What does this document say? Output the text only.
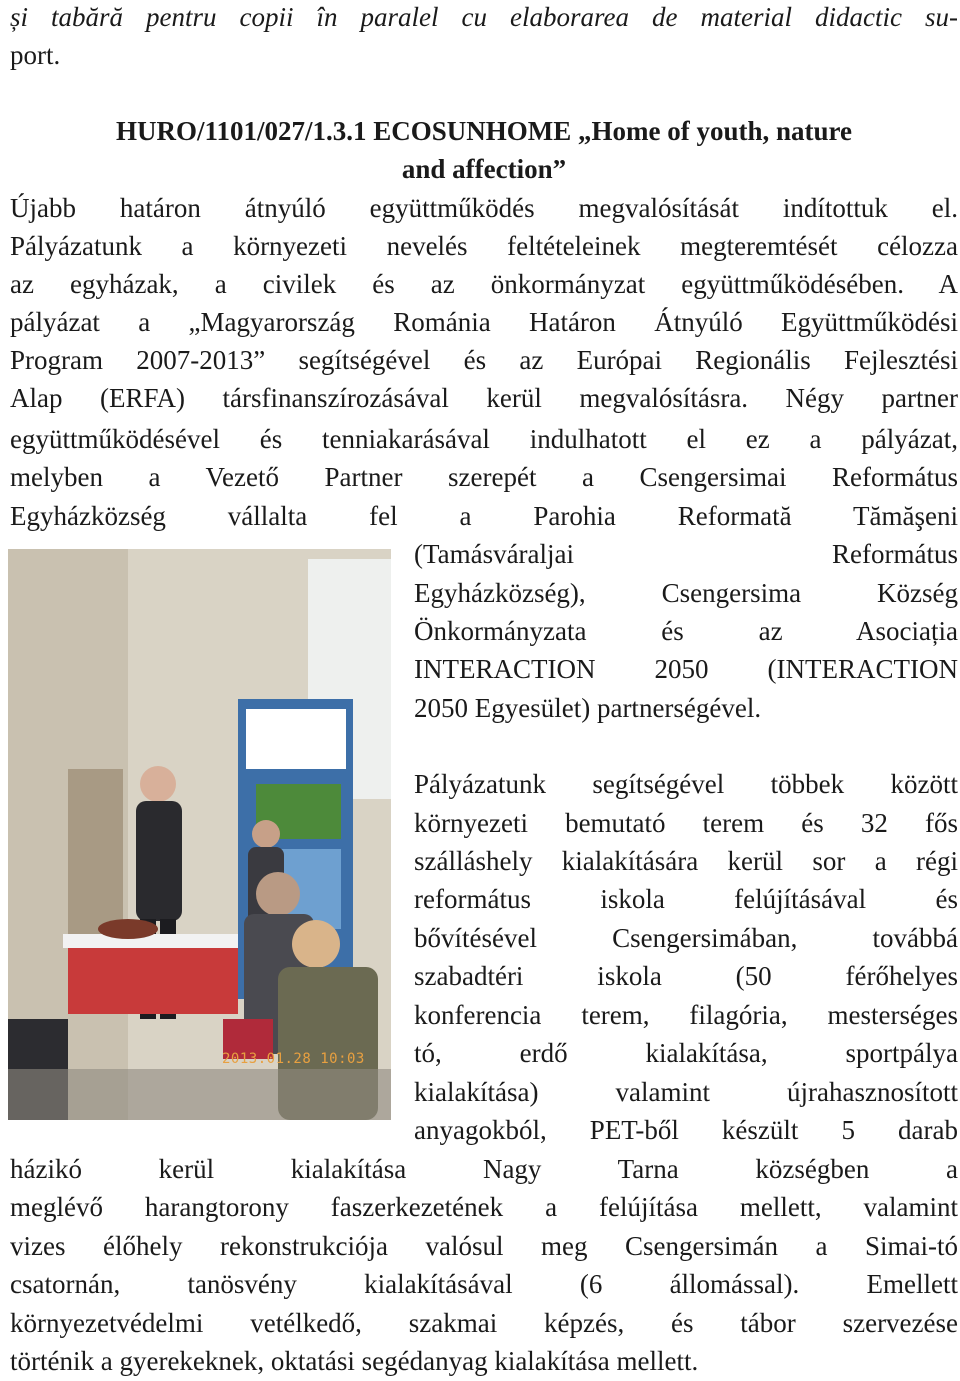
și tabără pentru copii în paralel cu elaborarea de material didactic su-
port.
HURO/1101/027/1.3.1 ECOSUNHOME „Home of youth, nature
and affection”
Újabb határon átnyúló együttműködés megvalósítását indítottuk el.
Pályázatunk a környezeti nevelés feltételeinek megteremtését célozza
az egyházak, a civilek és az önkormányzat együttműködésében. A
pályázat a „Magyarország Románia Határon Átnyúló Együttműködési
Program 2007-2013” segítségével és az Európai Regionális Fejlesztési
Alap (ERFA) társfinanszírozásával kerül megvalósításra. Négy partner
együttműködésével és tenniakarásával indulhatott el ez a pályázat,
melyben a Vezető Partner szerepét a Csengersimai Református
Egyházközség vállalta fel a Parohia Reformată Tămăşeni
(Tamásváraljai Református
Egyházközség), Csengersima Község
Önkormányzata és az Asociația
INTERACTION 2050 (INTERACTION
2050 Egyesület) partnerségével.
Pályázatunk segítségével többek között
környezeti bemutató terem és 32 fős
szálláshely kialakítására kerül sor a régi
református iskola felújításával és
bővítésével Csengersimában, továbbá
szabadtéri iskola (50 férőhelyes
konferencia terem, filagória, mesterséges
tó, erdő kialakítása, sportpálya
kialakítása) valamint újrahasznosított
anyagokból, PET-ből készült 5 darab
házikó kerül kialakítása Nagy Tarna községben a
meglévő harangtorony faszerkezetének a felújítása mellett, valamint
vizes élőhely rekonstrukciója valósul meg Csengersimán a Simai-tó
csatornán, tanösvény kialakításával (6 állomással). Emellett
környezetvédelmi vetélkedő, szakmai képzés, és tábor szervezése
történik a gyerekeknek, oktatási segédanyag kialakítása mellett.
2013.01.28 10:03
